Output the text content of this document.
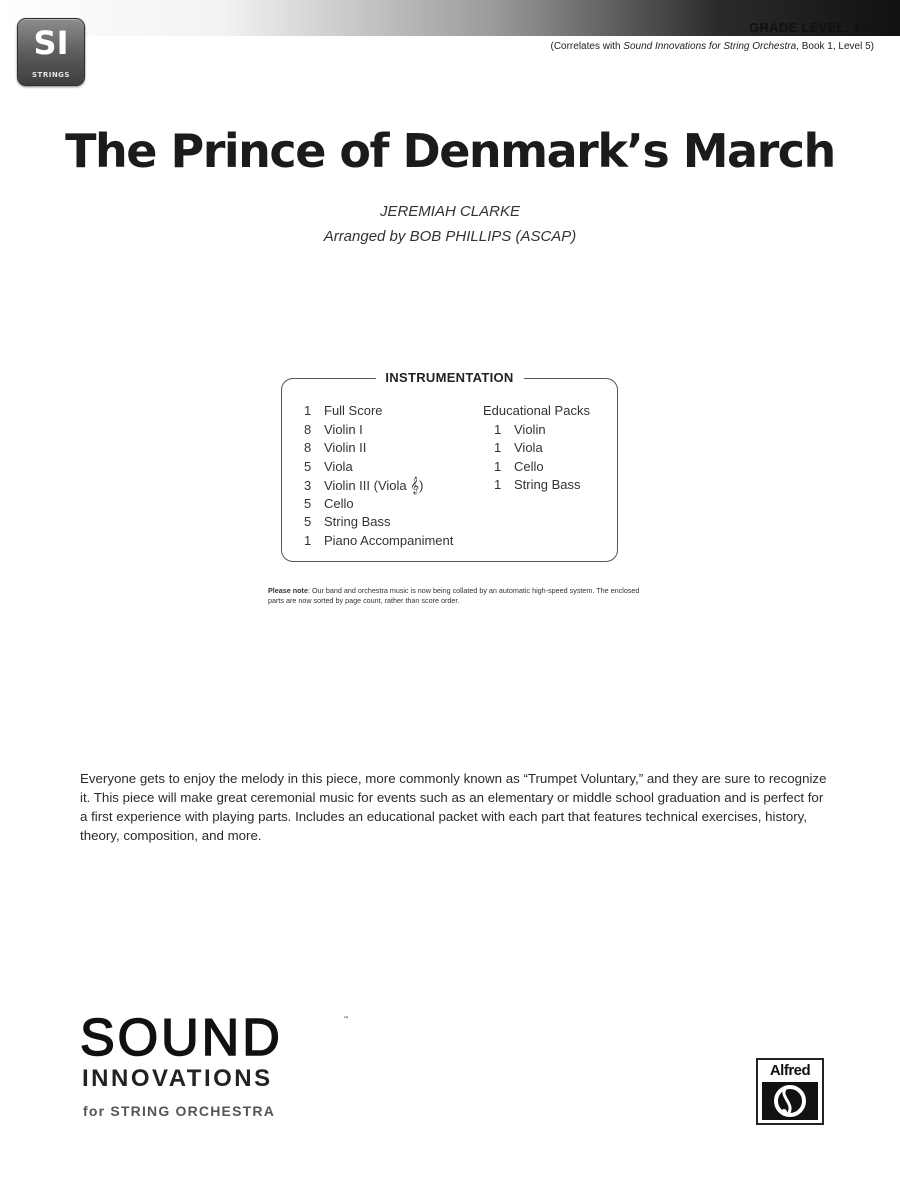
SI
STRINGS
GRADE LEVEL: 1½
(Correlates with Sound Innovations for String Orchestra, Book 1, Level 5)
The Prince of Denmark’s March
JEREMIAH CLARKE
Arranged by BOB PHILLIPS (ASCAP)
INSTRUMENTATION
1 Full Score
8 Violin I
8 Violin II
5 Viola
3 Violin III (Viola 𝄞)
5 Cello
5 String Bass
1 Piano Accompaniment
Educational Packs
1 Violin
1 Viola
1 Cello
1 String Bass
Please note: Our band and orchestra music is now being collated by an automatic high-speed system. The enclosed parts are now sorted by page count, rather than score order.

Everyone gets to enjoy the melody in this piece, more commonly known as “Trumpet Voluntary,” and they are sure to recognize it. This piece will make great ceremonial music for events such as an elementary or middle school graduation and is perfect for a first experience with playing parts. Includes an educational packet with each part that features technical exercises, history, theory, composition, and more.

SOUND	™
INNOVATIONS
for STRING ORCHESTRA
Alfred
